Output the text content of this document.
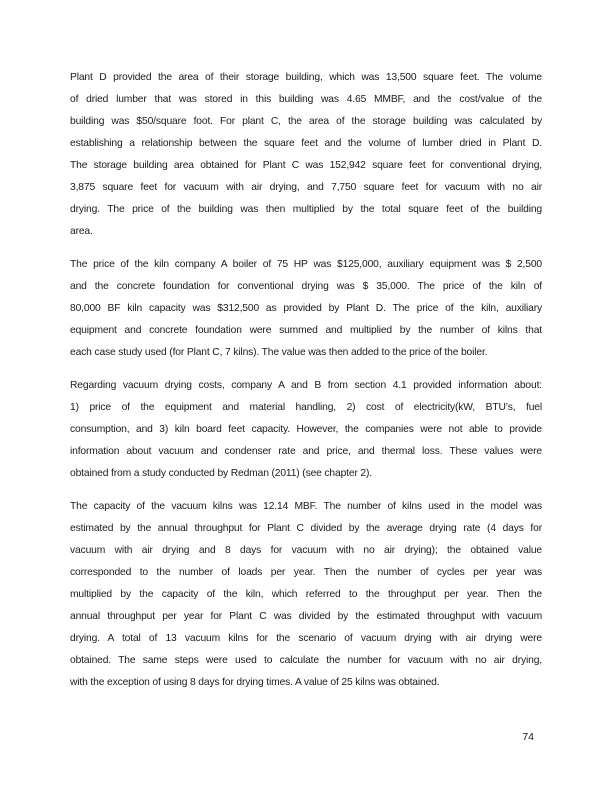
Plant D provided the area of their storage building, which was 13,500 square feet. The volume
of dried lumber that was stored in this building was 4.65 MMBF, and the cost/value of the
building was $50/square foot. For plant C, the area of the storage building was calculated by
establishing a relationship between the square feet and the volume of lumber dried in Plant D.
The storage building area obtained for Plant C was 152,942 square feet for conventional drying,
3,875 square feet for vacuum with air drying, and 7,750 square feet for vacuum with no air
drying. The price of the building was then multiplied by the total square feet of the building
area.
The price of the kiln company A boiler of 75 HP was $125,000, auxiliary equipment was $ 2,500
and the concrete foundation for conventional drying was $ 35,000. The price of the kiln of
80,000 BF kiln capacity was $312,500 as provided by Plant D. The price of the kiln, auxiliary
equipment and concrete foundation were summed and multiplied by the number of kilns that
each case study used (for Plant C, 7 kilns). The value was then added to the price of the boiler.
Regarding vacuum drying costs, company A and B from section 4.1 provided information about:
1) price of the equipment and material handling, 2) cost of electricity(kW, BTU’s, fuel
consumption, and 3) kiln board feet capacity. However, the companies were not able to provide
information about vacuum and condenser rate and price, and thermal loss. These values were
obtained from a study conducted by Redman (2011) (see chapter 2).
The capacity of the vacuum kilns was 12.14 MBF. The number of kilns used in the model was
estimated by the annual throughput for Plant C divided by the average drying rate (4 days for
vacuum with air drying and 8 days for vacuum with no air drying); the obtained value
corresponded to the number of loads per year. Then the number of cycles per year was
multiplied by the capacity of the kiln, which referred to the throughput per year. Then the
annual throughput per year for Plant C was divided by the estimated throughput with vacuum
drying. A total of 13 vacuum kilns for the scenario of vacuum drying with air drying were
obtained. The same steps were used to calculate the number for vacuum with no air drying,
with the exception of using 8 days for drying times. A value of 25 kilns was obtained.
74
